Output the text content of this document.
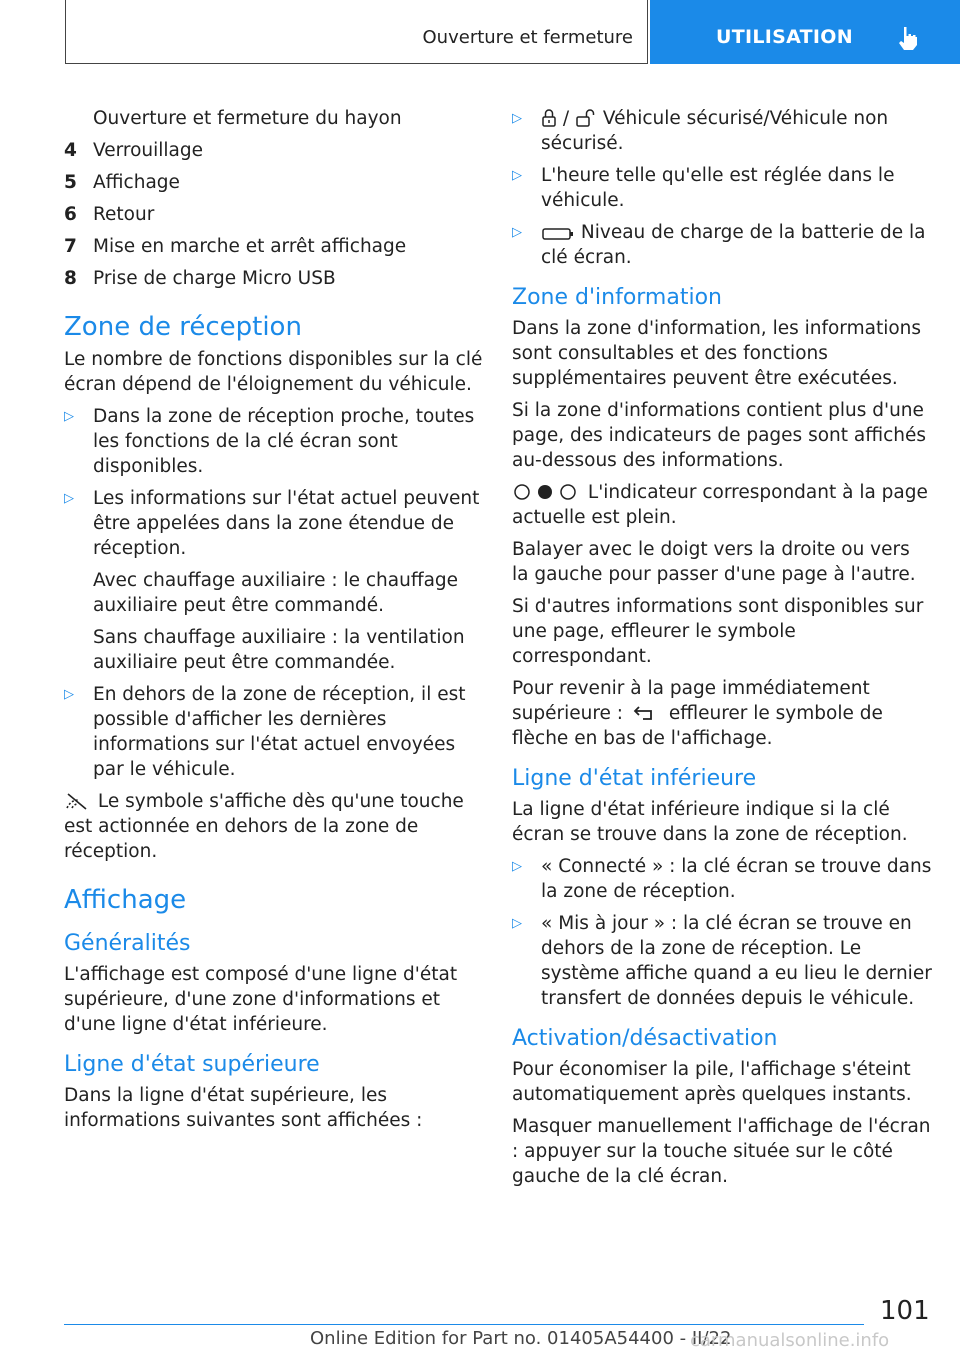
Ouverture et fermeture	UTILISATION
Ouverture et fermeture du hayon
4 Verrouillage
5 Affichage
6 Retour
7 Mise en marche et arrêt affichage
8 Prise de charge Micro USB
Zone de réception

Le nombre de fonctions disponibles sur la clé écran dépend de l'éloignement du véhicule.

▷	Dans la zone de réception proche, toutes les fonctions de la clé écran sont disponibles.
▷	Les informations sur l'état actuel peuvent être appelées dans la zone étendue de réception.

Avec chauffage auxiliaire : le chauffage auxiliaire peut être commandé.

Sans chauffage auxiliaire : la ventilation auxiliaire peut être commandée.

▷	En dehors de la zone de réception, il est possible d'afficher les dernières informations sur l'état actuel envoyées par le véhicule.

Le symbole s'affiche dès qu'une touche est actionnée en dehors de la zone de réception.

Affichage
Généralités

L'affichage est composé d'une ligne d'état supérieure, d'une zone d'informations et d'une ligne d'état inférieure.

Ligne d'état supérieure

Dans la ligne d'état supérieure, les informations suivantes sont affichées :

▷	/ Véhicule sécurisé/Véhicule non sécurisé.
▷	L'heure telle qu'elle est réglée dans le véhicule.
▷	Niveau de charge de la batterie de la clé écran.
Zone d'information

Dans la zone d'information, les informations sont consultables et des fonctions supplémentaires peuvent être exécutées.

Si la zone d'informations contient plus d'une page, des indicateurs de pages sont affichés au-dessous des informations.

L'indicateur correspondant à la page actuelle est plein.

Balayer avec le doigt vers la droite ou vers la gauche pour passer d'une page à l'autre.

Si d'autres informations sont disponibles sur une page, effleurer le symbole correspondant.

Pour revenir à la page immédiatement supérieure : effleurer le symbole de flèche en bas de l'affichage.

Ligne d'état inférieure

La ligne d'état inférieure indique si la clé écran se trouve dans la zone de réception.

▷	« Connecté » : la clé écran se trouve dans la zone de réception.
▷	« Mis à jour » : la clé écran se trouve en dehors de la zone de réception. Le système affiche quand a eu lieu le dernier transfert de données depuis le véhicule.
Activation/désactivation

Pour économiser la pile, l'affichage s'éteint automatiquement après quelques instants.

Masquer manuellement l'affichage de l'écran : appuyer sur la touche située sur le côté gauche de la clé écran.

101
Online Edition for Part no. 01405A54400 - II/22
carmanualsonline.info
